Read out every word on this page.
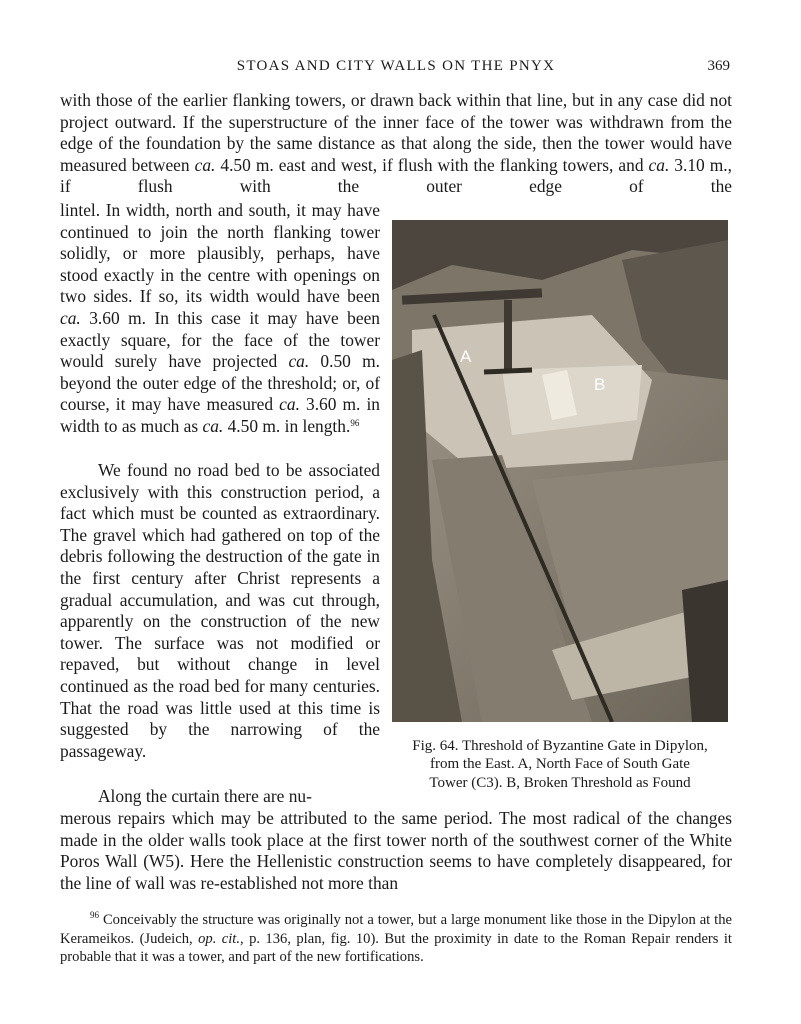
STOAS AND CITY WALLS ON THE PNYX	369

with those of the earlier flanking towers, or drawn back within that line, but in any case did not project outward. If the superstructure of the inner face of the tower was withdrawn from the edge of the foundation by the same distance as that along the side, then the tower would have measured between ca. 4.50 m. east and west, if flush with the flanking towers, and ca. 3.10 m., if flush with the outer edge of the

lintel. In width, north and south, it may have continued to join the north flanking tower solidly, or more plausibly, perhaps, have stood exactly in the centre with openings on two sides. If so, its width would have been ca. 3.60 m. In this case it may have been exactly square, for the face of the tower would surely have projected ca. 0.50 m. beyond the outer edge of the threshold; or, of course, it may have measured ca. 3.60 m. in width to as much as ca. 4.50 m. in length.$^{96}$

We found no road bed to be associated exclusively with this construction period, a fact which must be counted as extraordinary. The gravel which had gathered on top of the debris following the destruction of the gate in the first century after Christ represents a gradual accumulation, and was cut through, apparently on the construction of the new tower. The surface was not modified or repaved, but without change in level continued as the road bed for many centuries. That the road was little used at this time is suggested by the narrowing of the passageway.

Along the curtain there are nu-

merous repairs which may be attributed to the same period. The most radical of the changes made in the older walls took place at the first tower north of the southwest corner of the White Poros Wall (W5). Here the Hellenistic construction seems to have completely disappeared, for the line of wall was re-established not more than

A
B
Fig. 64. Threshold of Byzantine Gate in Dipylon,
from the East. A, North Face of South Gate
Tower (C3). B, Broken Threshold as Found

$^{96}$ Conceivably the structure was originally not a tower, but a large monument like those in the Dipylon at the Kerameikos. (Judeich, op. cit., p. 136, plan, fig. 10). But the proximity in date to the Roman Repair renders it probable that it was a tower, and part of the new fortifications.
